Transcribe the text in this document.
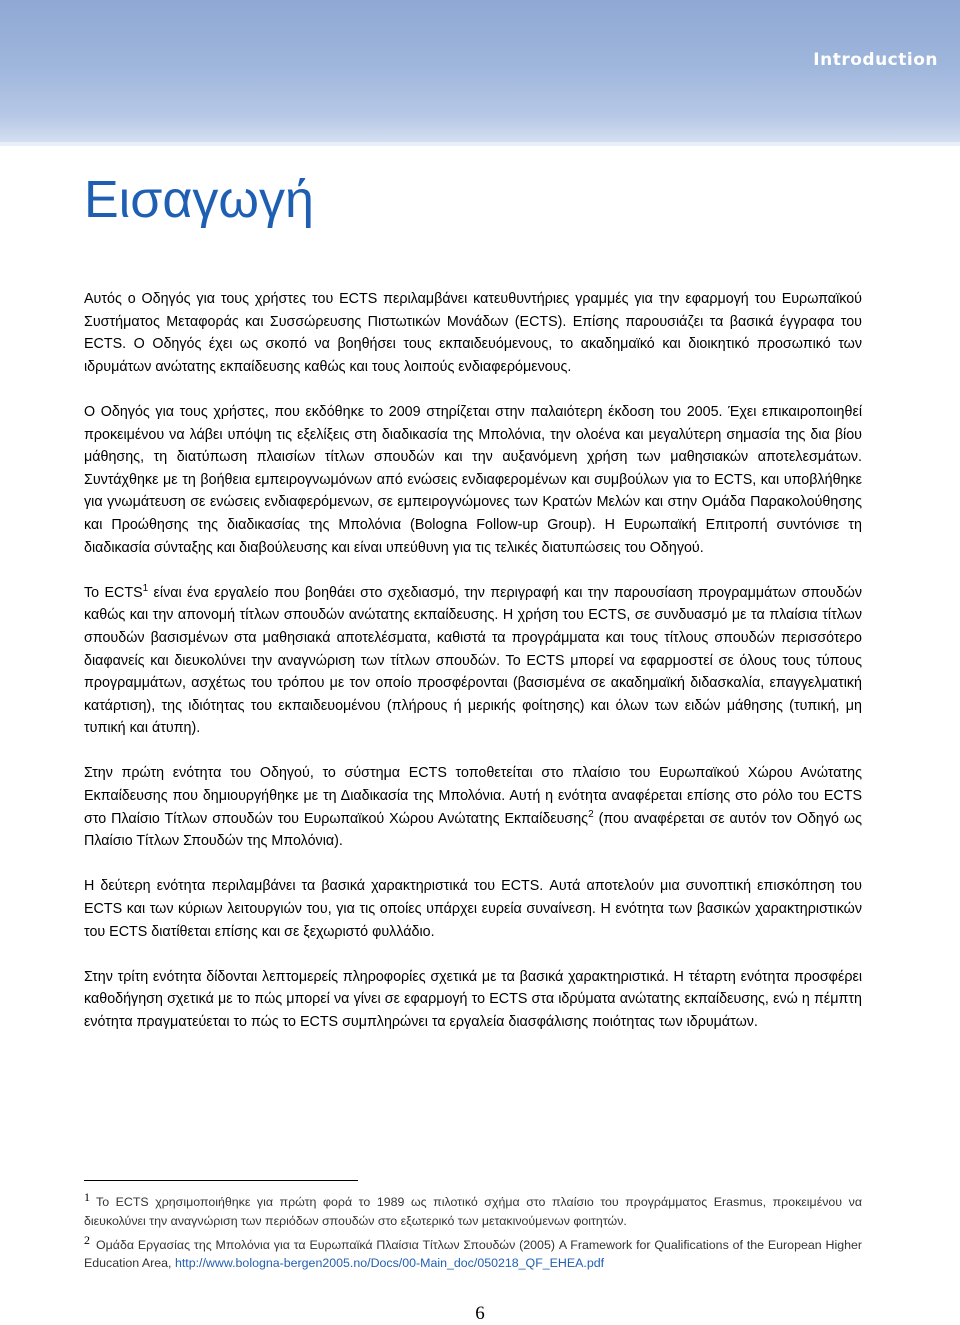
Introduction
Εισαγωγή

Αυτός ο Οδηγός για τους χρήστες του ECTS περιλαμβάνει κατευθυντήριες γραμμές για την εφαρμογή του Ευρωπαϊκού Συστήματος Μεταφοράς και Συσσώρευσης Πιστωτικών Μονάδων (ECTS). Επίσης παρουσιάζει τα βασικά έγγραφα του ECTS. Ο Οδηγός έχει ως σκοπό να βοηθήσει τους εκπαιδευόμενους, το ακαδημαϊκό και διοικητικό προσωπικό των ιδρυμάτων ανώτατης εκπαίδευσης καθώς και τους λοιπούς ενδιαφερόμενους.

Ο Οδηγός για τους χρήστες, που εκδόθηκε το 2009 στηρίζεται στην παλαιότερη έκδοση του 2005. Έχει επικαιροποιηθεί προκειμένου να λάβει υπόψη τις εξελίξεις στη διαδικασία της Μπολόνια, την ολοένα και μεγαλύτερη σημασία της δια βίου μάθησης, τη διατύπωση πλαισίων τίτλων σπουδών και την αυξανόμενη χρήση των μαθησιακών αποτελεσμάτων. Συντάχθηκε με τη βοήθεια εμπειρογνωμόνων από ενώσεις ενδιαφερομένων και συμβούλων για το ECTS, και υποβλήθηκε για γνωμάτευση σε ενώσεις ενδιαφερόμενων, σε εμπειρογνώμονες των Κρατών Μελών και στην Ομάδα Παρακολούθησης και Προώθησης της διαδικασίας της Μπολόνια (Bologna Follow-up Group). Η Ευρωπαϊκή Επιτροπή συντόνισε τη διαδικασία σύνταξης και διαβούλευσης και είναι υπεύθυνη για τις τελικές διατυπώσεις του Οδηγού.

Το ECTS$^1$ είναι ένα εργαλείο που βοηθάει στο σχεδιασμό, την περιγραφή και την παρουσίαση προγραμμάτων σπουδών καθώς και την απονομή τίτλων σπουδών ανώτατης εκπαίδευσης. Η χρήση του ECTS, σε συνδυασμό με τα πλαίσια τίτλων σπουδών βασισμένων στα μαθησιακά αποτελέσματα, καθιστά τα προγράμματα και τους τίτλους σπουδών περισσότερο διαφανείς και διευκολύνει την αναγνώριση των τίτλων σπουδών. Το ECTS μπορεί να εφαρμοστεί σε όλους τους τύπους προγραμμάτων, ασχέτως του τρόπου με τον οποίο προσφέρονται (βασισμένα σε ακαδημαϊκή διδασκαλία, επαγγελματική κατάρτιση), της ιδιότητας του εκπαιδευομένου (πλήρους ή μερικής φοίτησης) και όλων των ειδών μάθησης (τυπική, μη τυπική και άτυπη).

Στην πρώτη ενότητα του Οδηγού, το σύστημα ECTS τοποθετείται στο πλαίσιο του Ευρωπαϊκού Χώρου Ανώτατης Εκπαίδευσης που δημιουργήθηκε με τη Διαδικασία της Μπολόνια. Αυτή η ενότητα αναφέρεται επίσης στο ρόλο του ECTS στο Πλαίσιο Τίτλων σπουδών του Ευρωπαϊκού Χώρου Ανώτατης Εκπαίδευσης$^2$ (που αναφέρεται σε αυτόν τον Οδηγό ως Πλαίσιο Τίτλων Σπουδών της Μπολόνια).

Η δεύτερη ενότητα περιλαμβάνει τα βασικά χαρακτηριστικά του ECTS. Αυτά αποτελούν μια συνοπτική επισκόπηση του ECTS και των κύριων λειτουργιών του, για τις οποίες υπάρχει ευρεία συναίνεση. Η ενότητα των βασικών χαρακτηριστικών του ECTS διατίθεται επίσης και σε ξεχωριστό φυλλάδιο.

Στην τρίτη ενότητα δίδονται λεπτομερείς πληροφορίες σχετικά με τα βασικά χαρακτηριστικά. Η τέταρτη ενότητα προσφέρει καθοδήγηση σχετικά με το πώς μπορεί να γίνει σε εφαρμογή το ECTS στα ιδρύματα ανώτατης εκπαίδευσης, ενώ η πέμπτη ενότητα πραγματεύεται το πώς το ECTS συμπληρώνει τα εργαλεία διασφάλισης ποιότητας των ιδρυμάτων.

1 Το ECTS χρησιμοποιήθηκε για πρώτη φορά το 1989 ως πιλοτικό σχήμα στο πλαίσιο του προγράμματος Erasmus, προκειμένου να διευκολύνει την αναγνώριση των περιόδων σπουδών στο εξωτερικό των μετακινούμενων φοιτητών.

2 Ομάδα Εργασίας της Μπολόνια για τα Ευρωπαϊκά Πλαίσια Τίτλων Σπουδών (2005) A Framework for Qualifications of the European Higher Education Area, http://www.bologna-bergen2005.no/Docs/00-Main_doc/050218_QF_EHEA.pdf

6
